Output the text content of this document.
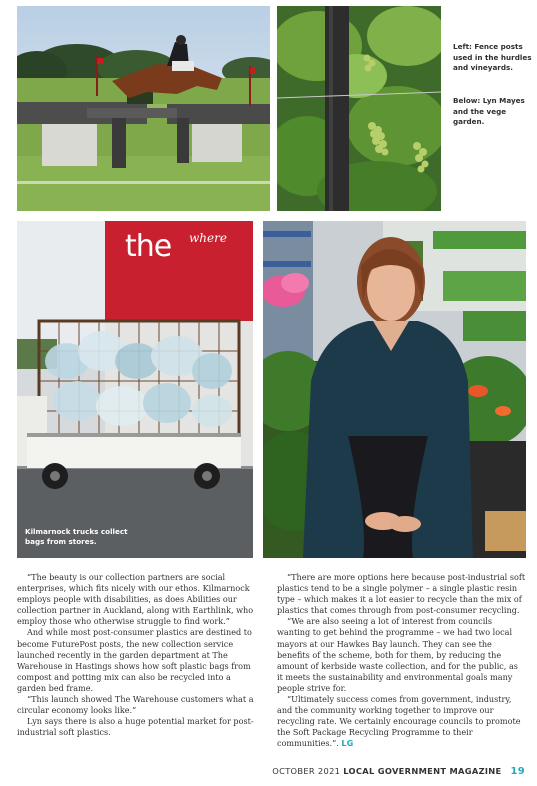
Left: Fence posts used in the hurdles and vineyards.
Below: Lyn Mayes and the vege garden.
the where
Kilmarnock trucks collect bags from stores.

“The beauty is our collection partners are social enterprises, which fits nicely with our ethos. Kilmarnock employs people with disabilities, as does Abilities our collection partner in Auckland, along with Earthlink, who employ those who otherwise struggle to find work.”

And while most post-consumer plastics are destined to become FuturePost posts, the new collection service launched recently in the garden department at The Warehouse in Hastings shows how soft plastic bags from compost and potting mix can also be recycled into a garden bed frame.

“This launch showed The Warehouse customers what a circular economy looks like.”

Lyn says there is also a huge potential market for post-industrial soft plastics.

“There are more options here because post-industrial soft plastics tend to be a single polymer – a single plastic resin type – which makes it a lot easier to recycle than the mix of plastics that comes through from post-consumer recycling.

“We are also seeing a lot of interest from councils wanting to get behind the programme – we had two local mayors at our Hawkes Bay launch. They can see the benefits of the scheme, both for them, by reducing the amount of kerbside waste collection, and for the public, as it meets the sustainability and environmental goals many people strive for.

“Ultimately success comes from government, industry, and the community working together to improve our recycling rate. We certainly encourage councils to promote the Soft Package Recycling Programme to their communities.”. LG

OCTOBER 2021 LOCAL GOVERNMENT MAGAZINE 19
